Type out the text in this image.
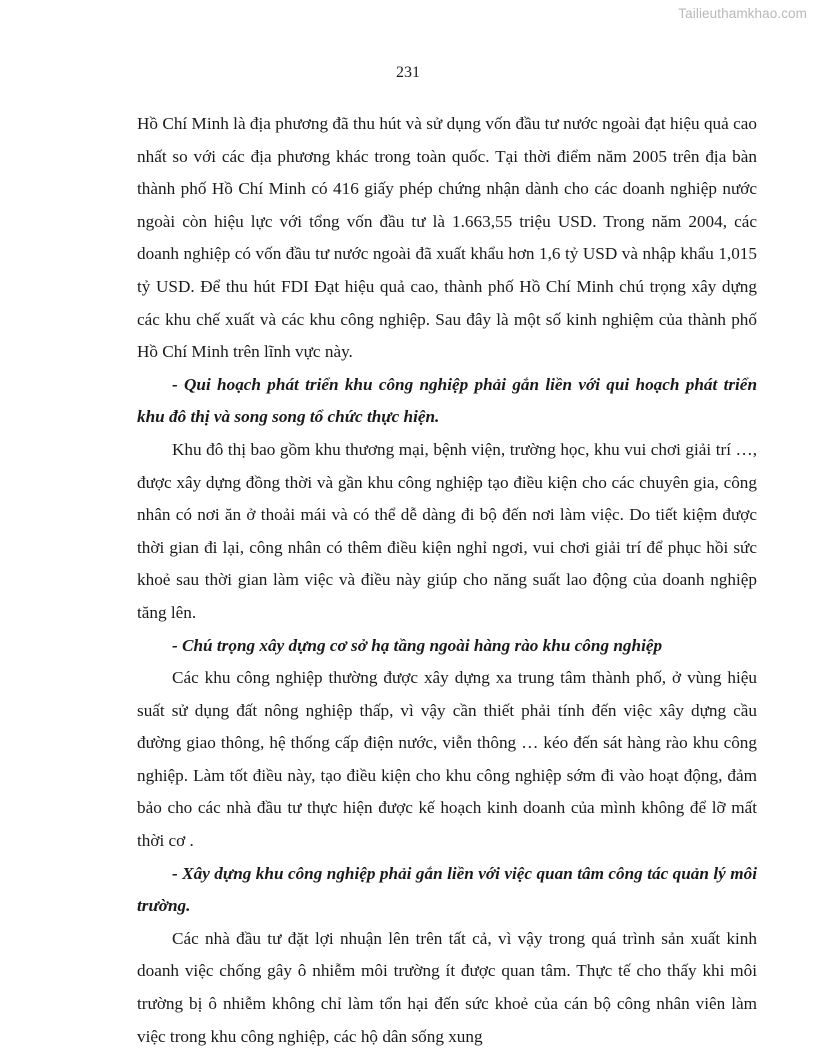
Tailieuthamkhao.com
231

Hồ Chí Minh là địa phương đã thu hút và sử dụng vốn đầu tư nước ngoài đạt hiệu quả cao nhất so với các địa phương khác trong toàn quốc. Tại thời điểm năm 2005 trên địa bàn thành phố Hồ Chí Minh có 416 giấy phép chứng nhận dành cho các doanh nghiệp nước ngoài còn hiệu lực với tổng vốn đầu tư là 1.663,55 triệu USD. Trong năm 2004, các doanh nghiệp có vốn đầu tư nước ngoài đã xuất khẩu hơn 1,6 tỷ USD và nhập khẩu 1,015 tỷ USD. Để thu hút FDI Đạt hiệu quả cao, thành phố Hồ Chí Minh chú trọng xây dựng các khu chế xuất và các khu công nghiệp. Sau đây là một số kinh nghiệm của thành phố Hồ Chí Minh trên lĩnh vực này.

- Qui hoạch phát triển khu công nghiệp phải gắn liền với qui hoạch phát triển khu đô thị và song song tổ chức thực hiện.

Khu đô thị bao gồm khu thương mại, bệnh viện, trường học, khu vui chơi giải trí …, được xây dựng đồng thời và gần khu công nghiệp tạo điều kiện cho các chuyên gia, công nhân có nơi ăn ở thoải mái và có thể dễ dàng đi bộ đến nơi làm việc. Do tiết kiệm được thời gian đi lại, công nhân có thêm điều kiện nghỉ ngơi, vui chơi giải trí để phục hồi sức khoẻ sau thời gian làm việc và điều này giúp cho năng suất lao động của doanh nghiệp tăng lên.

- Chú trọng xây dựng cơ sở hạ tầng ngoài hàng rào khu công nghiệp

Các khu công nghiệp thường được xây dựng xa trung tâm thành phố, ở vùng hiệu suất sử dụng đất nông nghiệp thấp, vì vậy cần thiết phải tính đến việc xây dựng cầu đường giao thông, hệ thống cấp điện nước, viễn thông … kéo đến sát hàng rào khu công nghiệp. Làm tốt điều này, tạo điều kiện cho khu công nghiệp sớm đi vào hoạt động, đảm bảo cho các nhà đầu tư thực hiện được kế hoạch kinh doanh của mình không để lỡ mất thời cơ .

- Xây dựng khu công nghiệp phải gắn liền với việc quan tâm công tác quản lý môi trường.

Các nhà đầu tư đặt lợi nhuận lên trên tất cả, vì vậy trong quá trình sản xuất kinh doanh việc chống gây ô nhiễm môi trường ít được quan tâm. Thực tế cho thấy khi môi trường bị ô nhiễm không chỉ làm tổn hại đến sức khoẻ của cán bộ công nhân viên làm việc trong khu công nghiệp, các hộ dân sống xung
